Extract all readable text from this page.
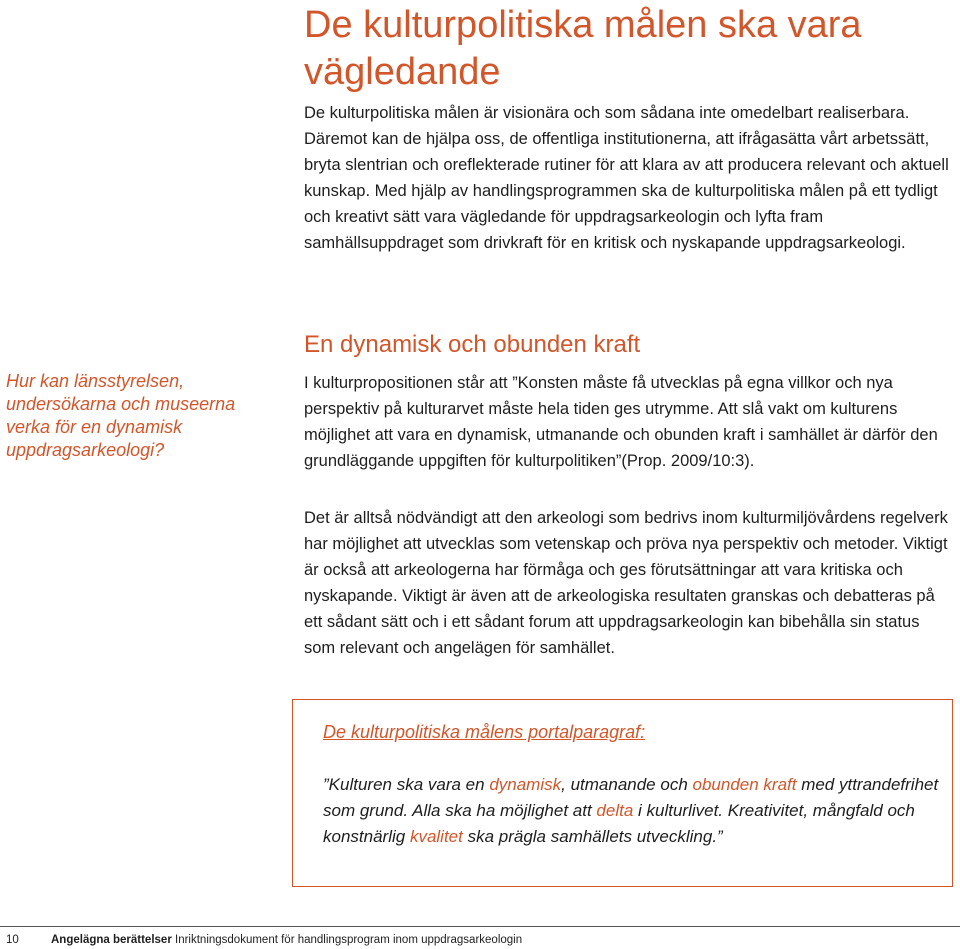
De kulturpolitiska målen ska vara vägledande

De kulturpolitiska målen är visionära och som sådana inte omedelbart realiserbara. Däremot kan de hjälpa oss, de offentliga institutionerna, att ifrågasätta vårt arbetssätt, bryta slentrian och oreflekterade rutiner för att klara av att producera relevant och aktuell kunskap. Med hjälp av handlingsprogrammen ska de kulturpolitiska målen på ett tydligt och kreativt sätt vara vägledande för uppdragsarkeologin och lyfta fram samhällsuppdraget som drivkraft för en kritisk och nyskapande uppdragsarkeologi.

Hur kan länsstyrelsen, undersökarna och museerna verka för en dynamisk uppdragsarkeologi?

En dynamisk och obunden kraft

I kulturpropositionen står att ”Konsten måste få utvecklas på egna villkor och nya perspektiv på kulturarvet måste hela tiden ges utrymme. Att slå vakt om kulturens möjlighet att vara en dynamisk, utmanande och obunden kraft i samhället är därför den grundläggande uppgiften för kulturpolitiken”(Prop. 2009/10:3).

Det är alltså nödvändigt att den arkeologi som bedrivs inom kulturmiljövårdens regelverk har möjlighet att utvecklas som vetenskap och pröva nya perspektiv och metoder. Viktigt är också att arkeologerna har förmåga och ges förutsättningar att vara kritiska och nyskapande. Viktigt är även att de arkeologiska resultaten granskas och debatteras på ett sådant sätt och i ett sådant forum att uppdragsarkeologin kan bibehålla sin status som relevant och angelägen för samhället.

De kulturpolitiska målens portalparagraf:

”Kulturen ska vara en dynamisk, utmanande och obunden kraft med yttrandefrihet som grund. Alla ska ha möjlighet att delta i kulturlivet. Kreativitet, mångfald och konstnärlig kvalitet ska prägla samhällets utveckling.”

10	Angelägna berättelser Inriktningsdokument för handlingsprogram inom uppdragsarkeologin
